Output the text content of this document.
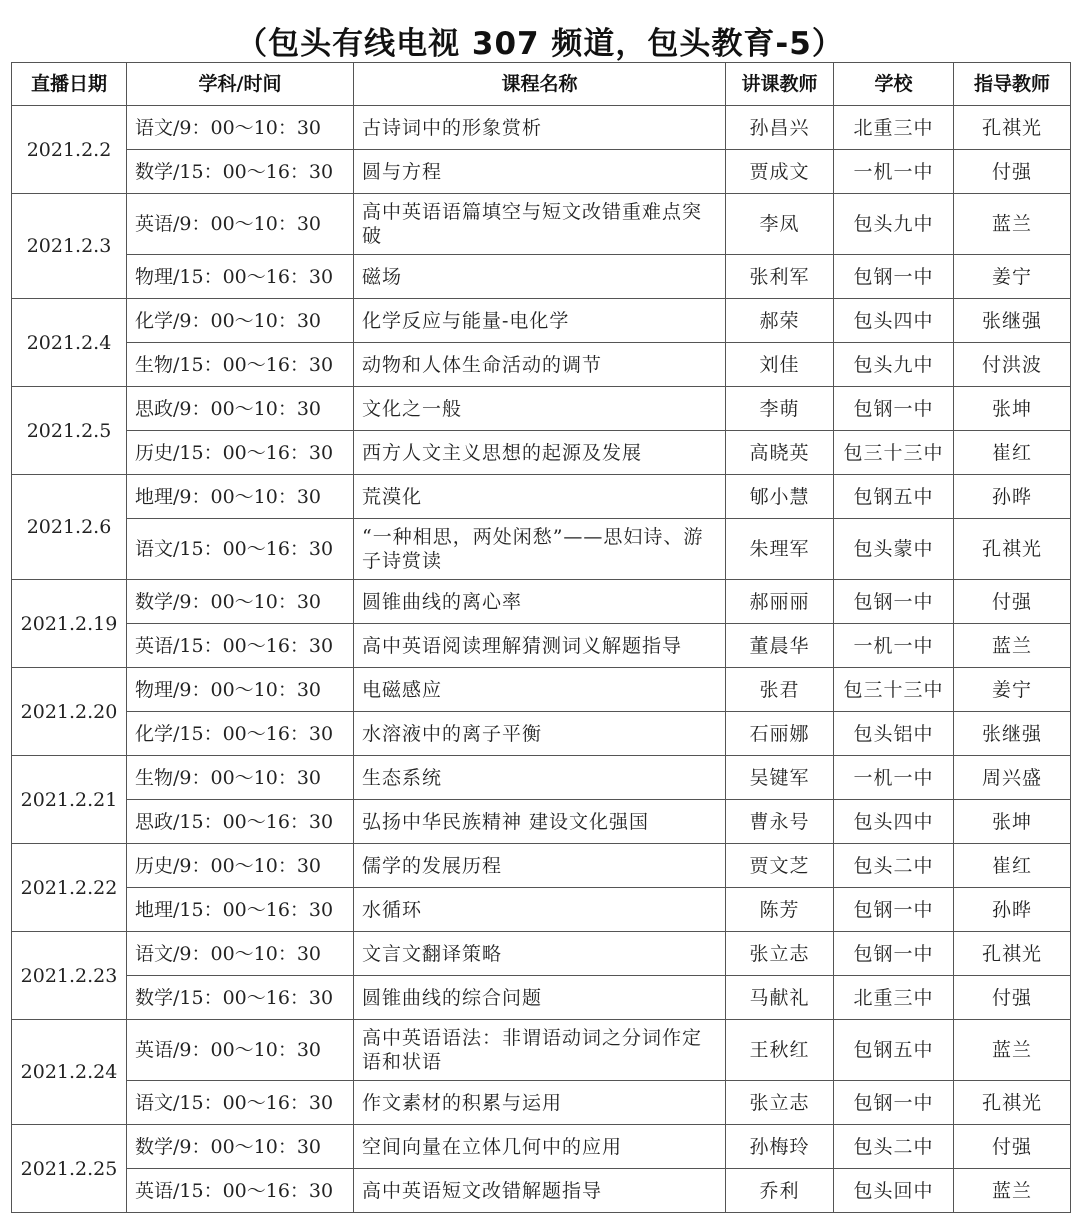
（包头有线电视 307 频道，包头教育-5）
直播日期	学科/时间	课程名称	讲课教师	学校	指导教师
2021.2.2	语文/9：00～10：30	古诗词中的形象赏析	孙昌兴	北重三中	孔祺光
	数学/15：00～16：30	圆与方程	贾成文	一机一中	付强
2021.2.3	英语/9：00～10：30	高中英语语篇填空与短文改错重难点突破	李凤	包头九中	蓝兰
	物理/15：00～16：30	磁场	张利军	包钢一中	姜宁
2021.2.4	化学/9：00～10：30	化学反应与能量-电化学	郝荣	包头四中	张继强
	生物/15：00～16：30	动物和人体生命活动的调节	刘佳	包头九中	付洪波
2021.2.5	思政/9：00～10：30	文化之一般	李萌	包钢一中	张坤
	历史/15：00～16：30	西方人文主义思想的起源及发展	高晓英	包三十三中	崔红
2021.2.6	地理/9：00～10：30	荒漠化	郇小慧	包钢五中	孙晔
	语文/15：00～16：30	“一种相思，两处闲愁”——思妇诗、游子诗赏读	朱理军	包头蒙中	孔祺光
2021.2.19	数学/9：00～10：30	圆锥曲线的离心率	郝丽丽	包钢一中	付强
	英语/15：00～16：30	高中英语阅读理解猜测词义解题指导	董晨华	一机一中	蓝兰
2021.2.20	物理/9：00～10：30	电磁感应	张君	包三十三中	姜宁
	化学/15：00～16：30	水溶液中的离子平衡	石丽娜	包头铝中	张继强
2021.2.21	生物/9：00～10：30	生态系统	吴键军	一机一中	周兴盛
	思政/15：00～16：30	弘扬中华民族精神 建设文化强国	曹永号	包头四中	张坤
2021.2.22	历史/9：00～10：30	儒学的发展历程	贾文芝	包头二中	崔红
	地理/15：00～16：30	水循环	陈芳	包钢一中	孙晔
2021.2.23	语文/9：00～10：30	文言文翻译策略	张立志	包钢一中	孔祺光
	数学/15：00～16：30	圆锥曲线的综合问题	马献礼	北重三中	付强
2021.2.24	英语/9：00～10：30	高中英语语法：非谓语动词之分词作定语和状语	王秋红	包钢五中	蓝兰
	语文/15：00～16：30	作文素材的积累与运用	张立志	包钢一中	孔祺光
2021.2.25	数学/9：00～10：30	空间向量在立体几何中的应用	孙梅玲	包头二中	付强
	英语/15：00～16：30	高中英语短文改错解题指导	乔利	包头回中	蓝兰
